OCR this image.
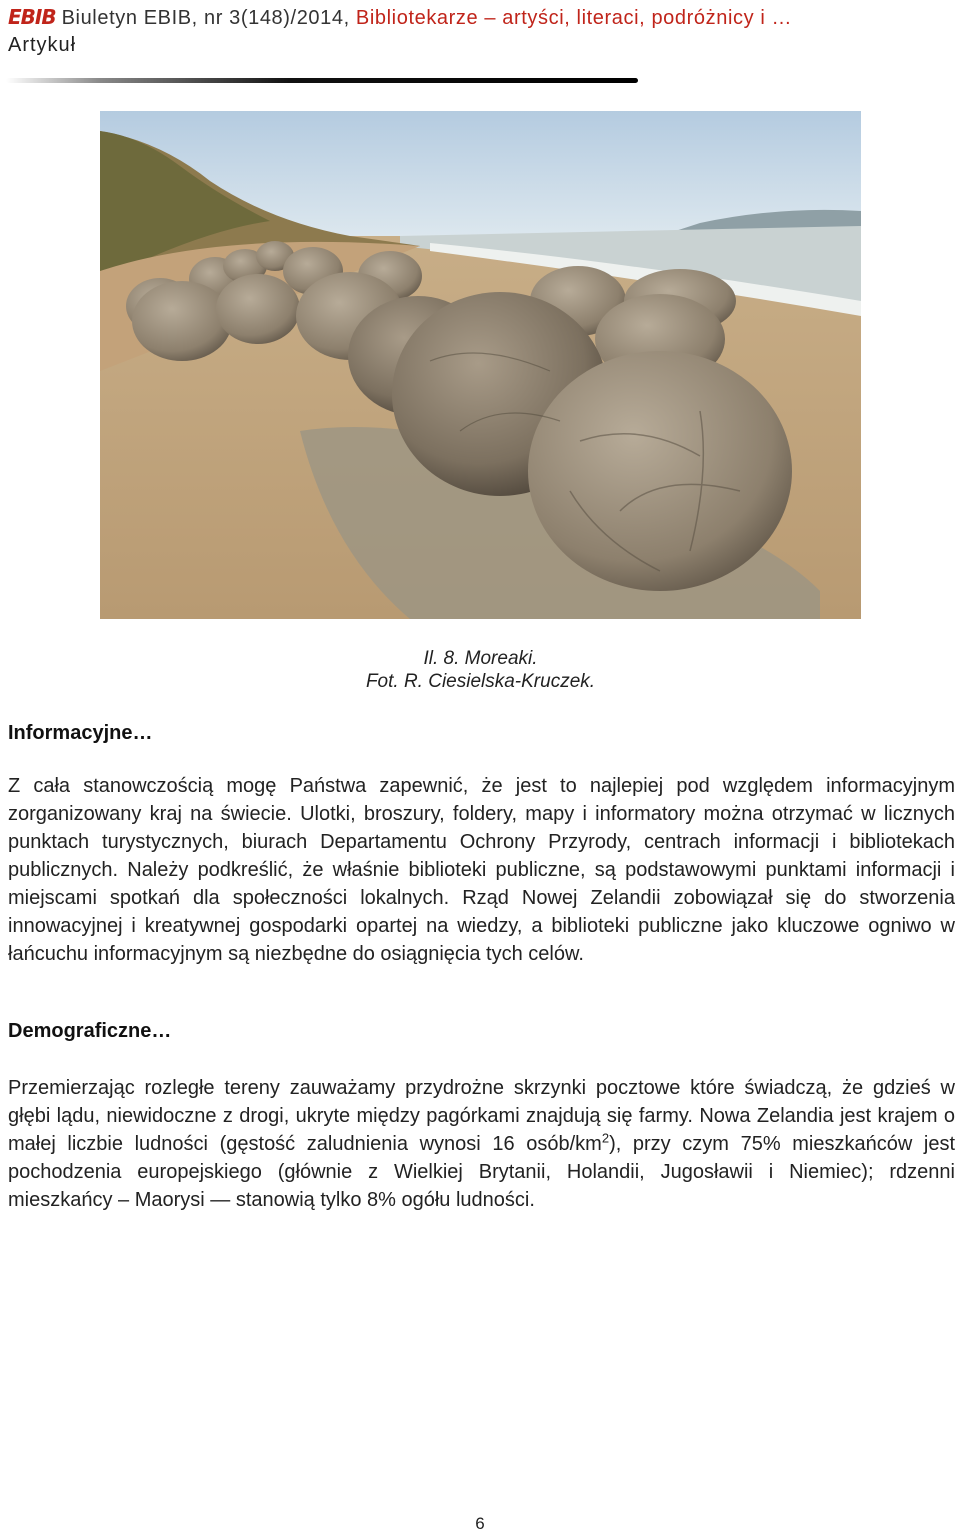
EBIB Biuletyn EBIB, nr 3(148)/2014, Bibliotekarze – artyści, literaci, podróżnicy i …
Artykuł
Il. 8. Moreaki.
Fot. R. Ciesielska-Kruczek.
Informacyjne…
Z cała stanowczością mogę Państwa zapewnić, że jest to najlepiej pod względem informacyjnym zorganizowany kraj na świecie. Ulotki, broszury, foldery, mapy i informatory można otrzymać w licznych punktach turystycznych, biurach Departamentu Ochrony Przyrody, centrach informacji i bibliotekach publicznych. Należy podkreślić, że właśnie biblioteki publiczne, są podstawowymi punktami informacji i miejscami spotkań dla społeczności lokalnych. Rząd Nowej Zelandii zobowiązał się do stworzenia innowacyjnej i kreatywnej gospodarki opartej na wiedzy, a biblioteki publiczne jako kluczowe ogniwo w łańcuchu informacyjnym są niezbędne do osiągnięcia tych celów.
Demograficzne…
Przemierzając rozległe tereny zauważamy przydrożne skrzynki pocztowe które świadczą, że gdzieś w głębi lądu, niewidoczne z drogi, ukryte między pagórkami znajdują się farmy. Nowa Zelandia jest krajem o małej liczbie ludności (gęstość zaludnienia wynosi 16 osób/$km^2$), przy czym 75% mieszkańców jest pochodzenia europejskiego (głównie z Wielkiej Brytanii, Holandii, Jugosławii i Niemiec); rdzenni mieszkańcy – Maorysi — stanowią tylko 8% ogółu ludności.
6
